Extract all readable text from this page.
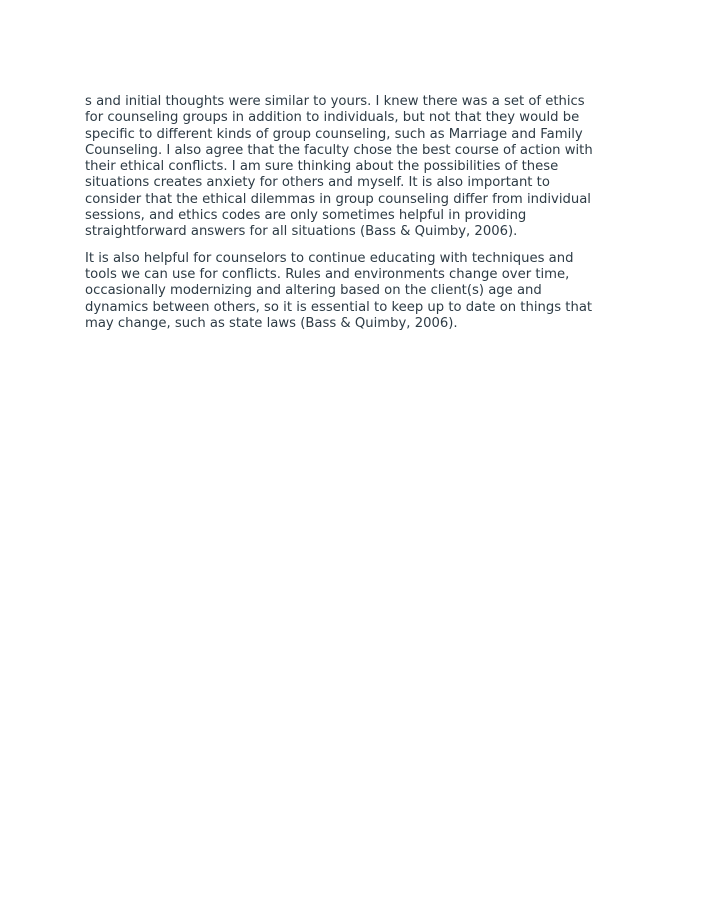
s and initial thoughts were similar to yours. I knew there was a set of ethics
for counseling groups in addition to individuals, but not that they would be
specific to different kinds of group counseling, such as Marriage and Family
Counseling. I also agree that the faculty chose the best course of action with
their ethical conflicts. I am sure thinking about the possibilities of these
situations creates anxiety for others and myself. It is also important to
consider that the ethical dilemmas in group counseling differ from individual
sessions, and ethics codes are only sometimes helpful in providing
straightforward answers for all situations (Bass & Quimby, 2006).

It is also helpful for counselors to continue educating with techniques and
tools we can use for conflicts. Rules and environments change over time,
occasionally modernizing and altering based on the client(s) age and
dynamics between others, so it is essential to keep up to date on things that
may change, such as state laws (Bass & Quimby, 2006).
